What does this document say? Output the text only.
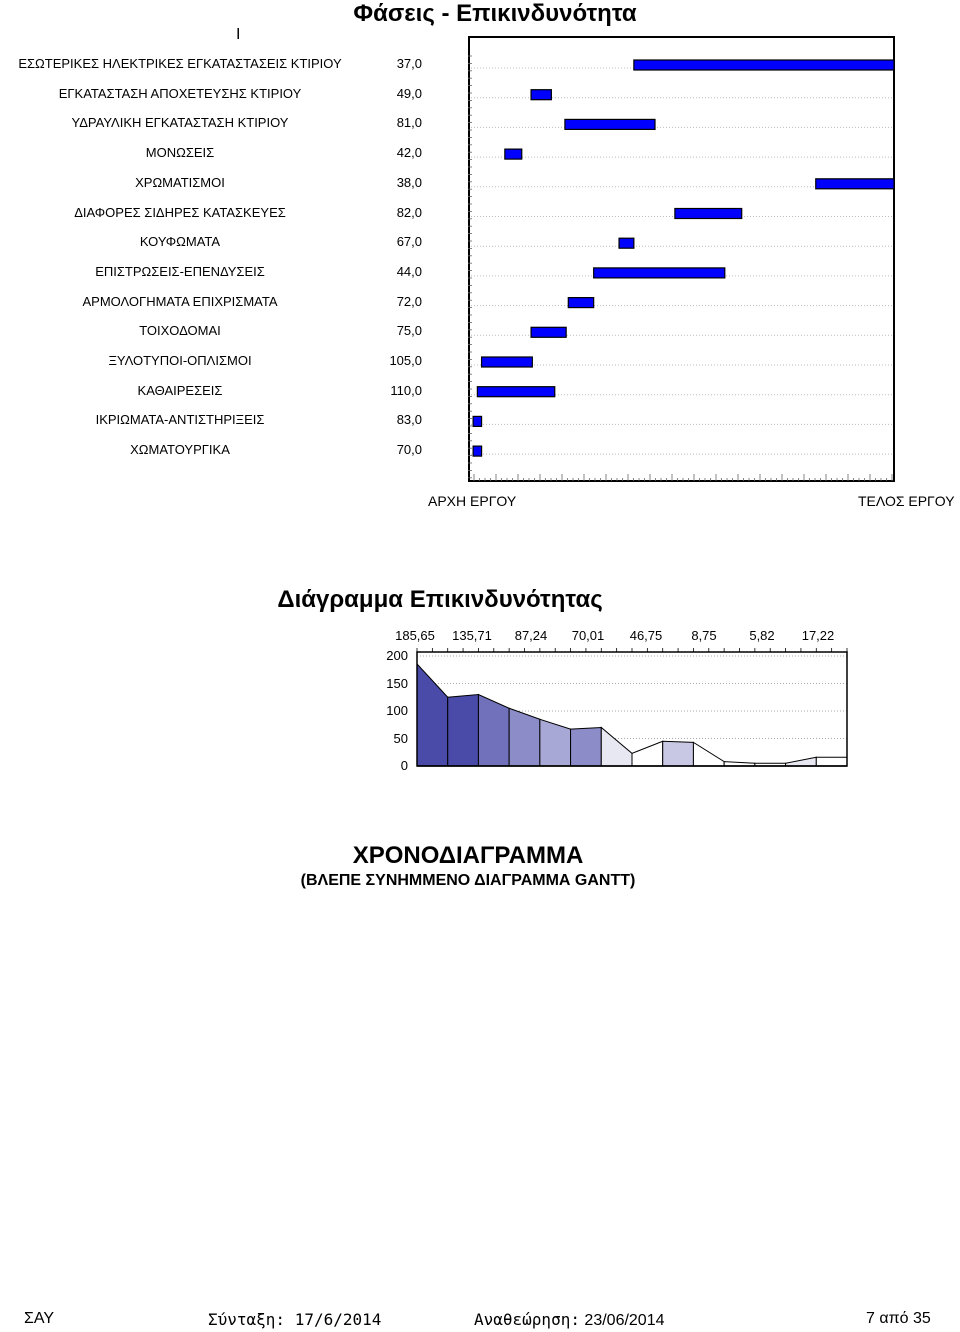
Φάσεις - Επικινδυνότητα
Ι
ΕΣΩΤΕΡΙΚΕΣ ΗΛΕΚΤΡΙΚΕΣ ΕΓΚΑΤΑΣΤΑΣΕΙΣ ΚΤΙΡΙΟΥ	37,0
ΕΓΚΑΤΑΣΤΑΣΗ ΑΠΟΧΕΤΕΥΣΗΣ ΚΤΙΡΙΟΥ	49,0
ΥΔΡΑΥΛΙΚΗ ΕΓΚΑΤΑΣΤΑΣΗ ΚΤΙΡΙΟΥ	81,0
ΜΟΝΩΣΕΙΣ	42,0
ΧΡΩΜΑΤΙΣΜΟΙ	38,0
ΔΙΑΦΟΡΕΣ ΣΙΔΗΡΕΣ ΚΑΤΑΣΚΕΥΕΣ	82,0
ΚΟΥΦΩΜΑΤΑ	67,0
ΕΠΙΣΤΡΩΣΕΙΣ-ΕΠΕΝΔΥΣΕΙΣ	44,0
ΑΡΜΟΛΟΓΗΜΑΤΑ ΕΠΙΧΡΙΣΜΑΤΑ	72,0
ΤΟΙΧΟΔΟΜΑΙ	75,0
ΞΥΛΟΤΥΠΟΙ-ΟΠΛΙΣΜΟΙ	105,0
ΚΑΘΑΙΡΕΣΕΙΣ	110,0
ΙΚΡΙΩΜΑΤΑ-ΑΝΤΙΣΤΗΡΙΞΕΙΣ	83,0
ΧΩΜΑΤΟΥΡΓΙΚΑ	70,0
ΑΡΧΗ ΕΡΓΟΥ	ΤΕΛΟΣ ΕΡΓΟΥ
Διάγραμμα Επικινδυνότητας
185,65 135,71 87,24 70,01 46,75 8,75	5,82 17,22
200
150
100
50
0
ΧΡΟΝΟΔΙΑΓΡΑΜΜΑ
(ΒΛΕΠΕ ΣΥΝΗΜΜΕΝΟ ΔΙΑΓΡΑΜΜΑ GANTT)
ΣΑΥ	Σύνταξη: 17/6/2014	Αναθεώρηση: 23/06/2014	7 από 35
